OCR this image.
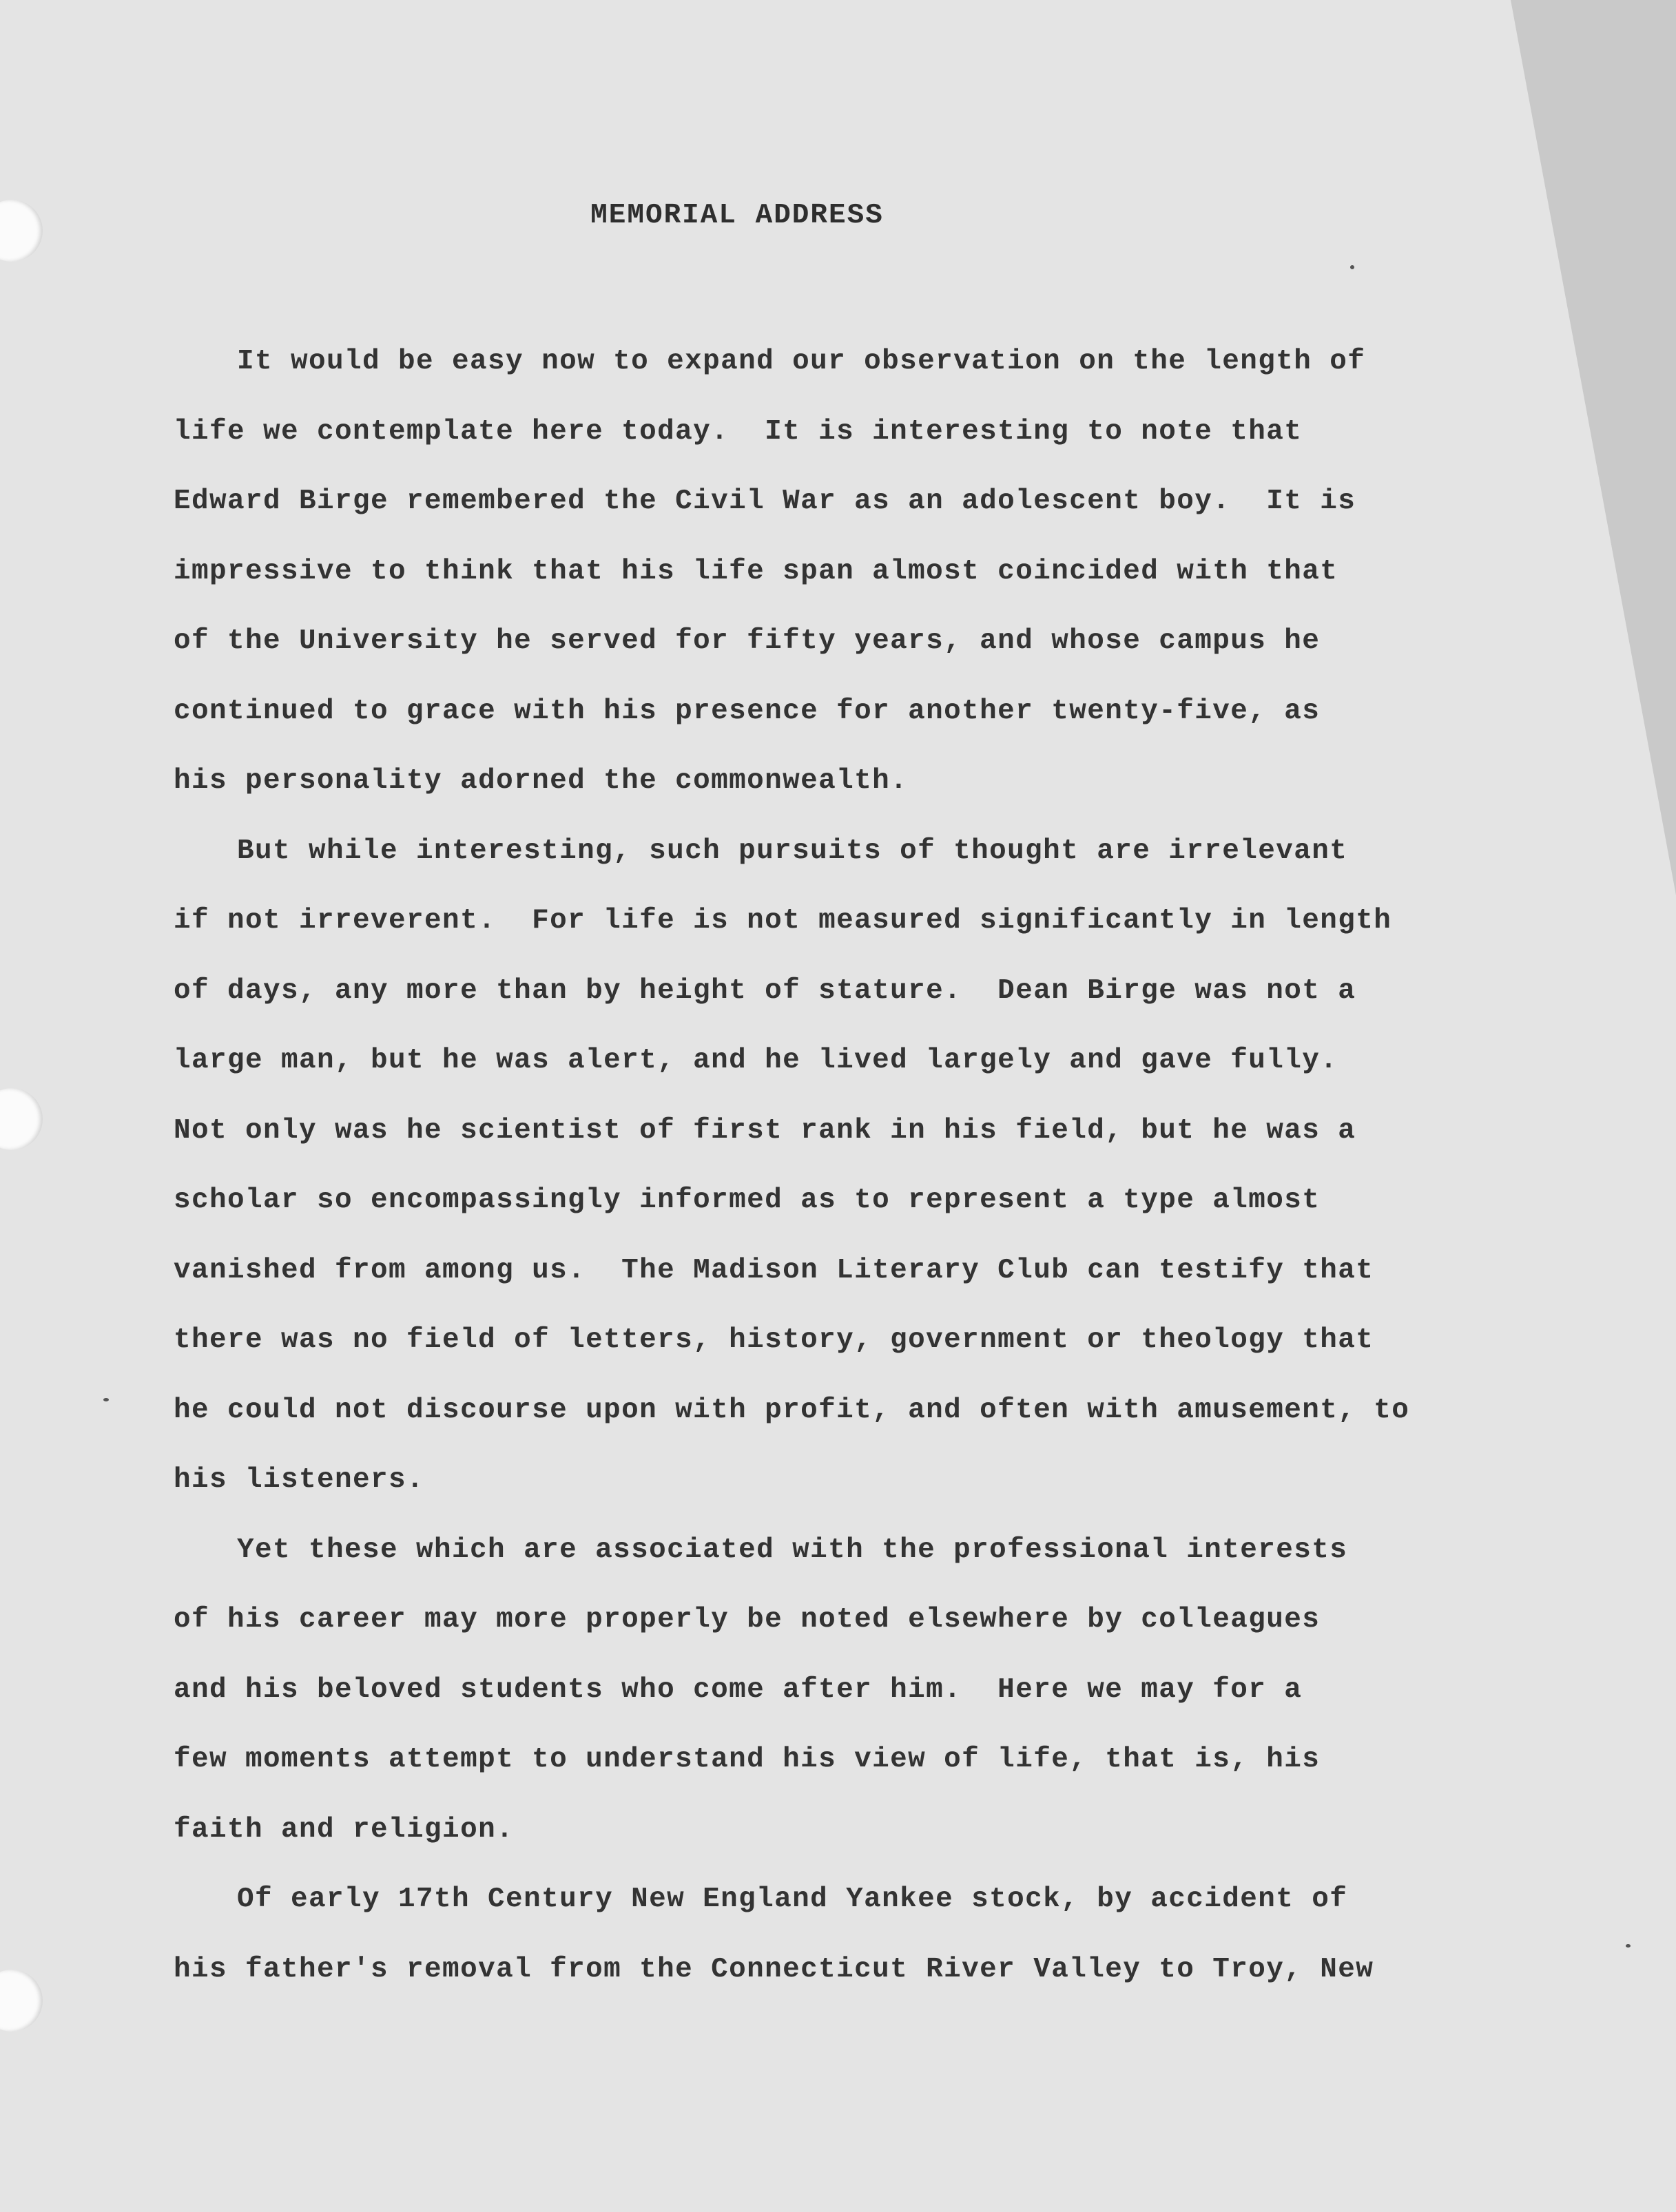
MEMORIAL ADDRESS

It would be easy now to expand our observation on the length of
life we contemplate here today.  It is interesting to note that
Edward Birge remembered the Civil War as an adolescent boy.  It is
impressive to think that his life span almost coincided with that
of the University he served for fifty years, and whose campus he
continued to grace with his presence for another twenty-five, as
his personality adorned the commonwealth.

But while interesting, such pursuits of thought are irrelevant
if not irreverent.  For life is not measured significantly in length
of days, any more than by height of stature.  Dean Birge was not a
large man, but he was alert, and he lived largely and gave fully.
Not only was he scientist of first rank in his field, but he was a
scholar so encompassingly informed as to represent a type almost
vanished from among us.  The Madison Literary Club can testify that
there was no field of letters, history, government or theology that
he could not discourse upon with profit, and often with amusement, to
his listeners.

Yet these which are associated with the professional interests
of his career may more properly be noted elsewhere by colleagues
and his beloved students who come after him.  Here we may for a
few moments attempt to understand his view of life, that is, his
faith and religion.

Of early 17th Century New England Yankee stock, by accident of
his father's removal from the Connecticut River Valley to Troy, New
